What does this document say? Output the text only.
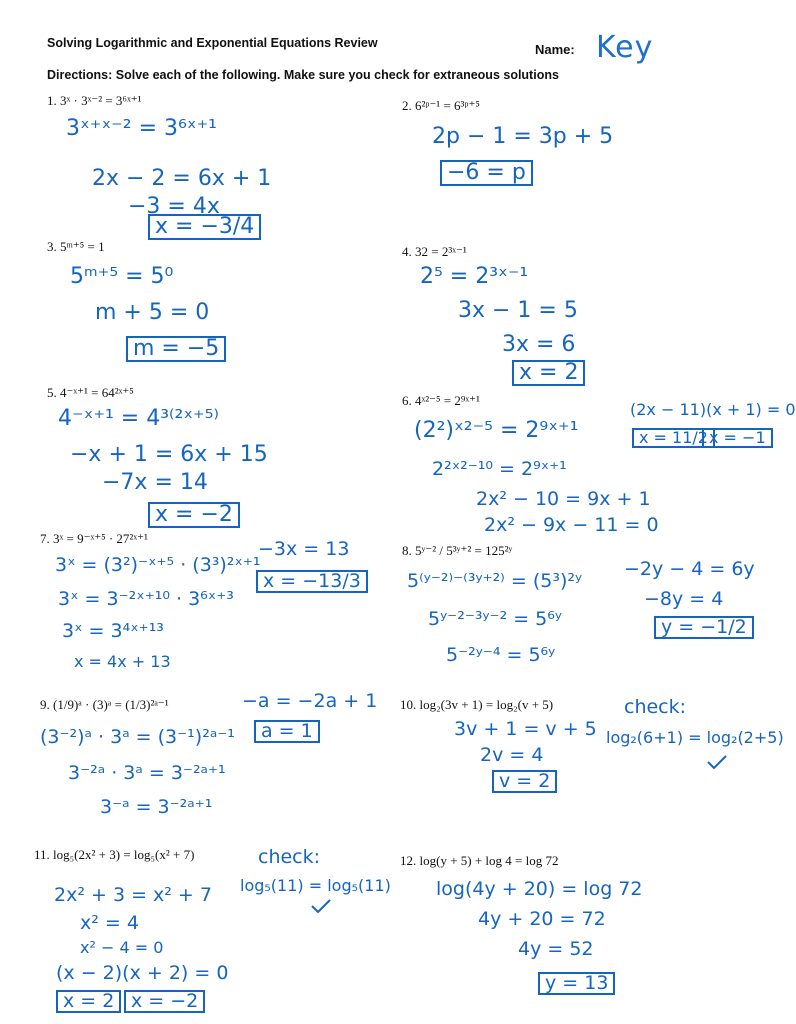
Solving Logarithmic and Exponential Equations Review	Name: Key
Directions: Solve each of the following. Make sure you check for extraneous solutions
1. 3ˣ · 3ˣ⁻² = 3⁶ˣ⁺¹
3ˣ⁺ˣ⁻² = 3⁶ˣ⁺¹
2x − 2 = 6x + 1
−3 = 4x
x = −3/4
2. 6²ᵖ⁻¹ = 6³ᵖ⁺⁵
2p − 1 = 3p + 5
−6 = p
3. 5ᵐ⁺⁵ = 1
5ᵐ⁺⁵ = 5⁰
m + 5 = 0
m = −5
4. 32 = 2³ˣ⁻¹
2⁵ = 2³ˣ⁻¹
3x − 1 = 5
3x = 6
x = 2
5. 4⁻ˣ⁺¹ = 64²ˣ⁺⁵
4⁻ˣ⁺¹ = 4³⁽²ˣ⁺⁵⁾
−x + 1 = 6x + 15
−7x = 14
x = −2
6. 4ˣ²⁻⁵ = 2⁹ˣ⁺¹
(2²)ˣ²⁻⁵ = 2⁹ˣ⁺¹
2²ˣ²⁻¹⁰ = 2⁹ˣ⁺¹
2x² − 10 = 9x + 1
2x² − 9x − 11 = 0
(2x − 11)(x + 1) = 0
x = 11/2 x = −1
7. 3ˣ = 9⁻ˣ⁺⁵ · 27²ˣ⁺¹
3ˣ = (3²)⁻ˣ⁺⁵ · (3³)²ˣ⁺¹
3ˣ = 3⁻²ˣ⁺¹⁰ · 3⁶ˣ⁺³
3ˣ = 3⁴ˣ⁺¹³
x = 4x + 13
−3x = 13
x = −13/3
8. 5ʸ⁻² / 5³ʸ⁺² = 125²ʸ
5⁽ʸ⁻²⁾⁻⁽³ʸ⁺²⁾ = (5³)²ʸ
5ʸ⁻²⁻³ʸ⁻² = 5⁶ʸ
5⁻²ʸ⁻⁴ = 5⁶ʸ
−2y − 4 = 6y
−8y = 4
y = −1/2
9. (1/9)ᵃ · (3)ᵃ = (1/3)²ᵃ⁻¹
(3⁻²)ᵃ · 3ᵃ = (3⁻¹)²ᵃ⁻¹
3⁻²ᵃ · 3ᵃ = 3⁻²ᵃ⁺¹
3⁻ᵃ = 3⁻²ᵃ⁺¹
−a = −2a + 1
a = 1
10. log₂(3v + 1) = log₂(v + 5)
3v + 1 = v + 5
2v = 4
v = 2
check:
log₂(6+1) = log₂(2+5)
11. log₅(2x² + 3) = log₅(x² + 7)
2x² + 3 = x² + 7
x² = 4
x² − 4 = 0
(x − 2)(x + 2) = 0
x = 2 x = −2
check:
log₅(11) = log₅(11)
12. log(y + 5) + log 4 = log 72
log(4y + 20) = log 72
4y + 20 = 72
4y = 52
y = 13
